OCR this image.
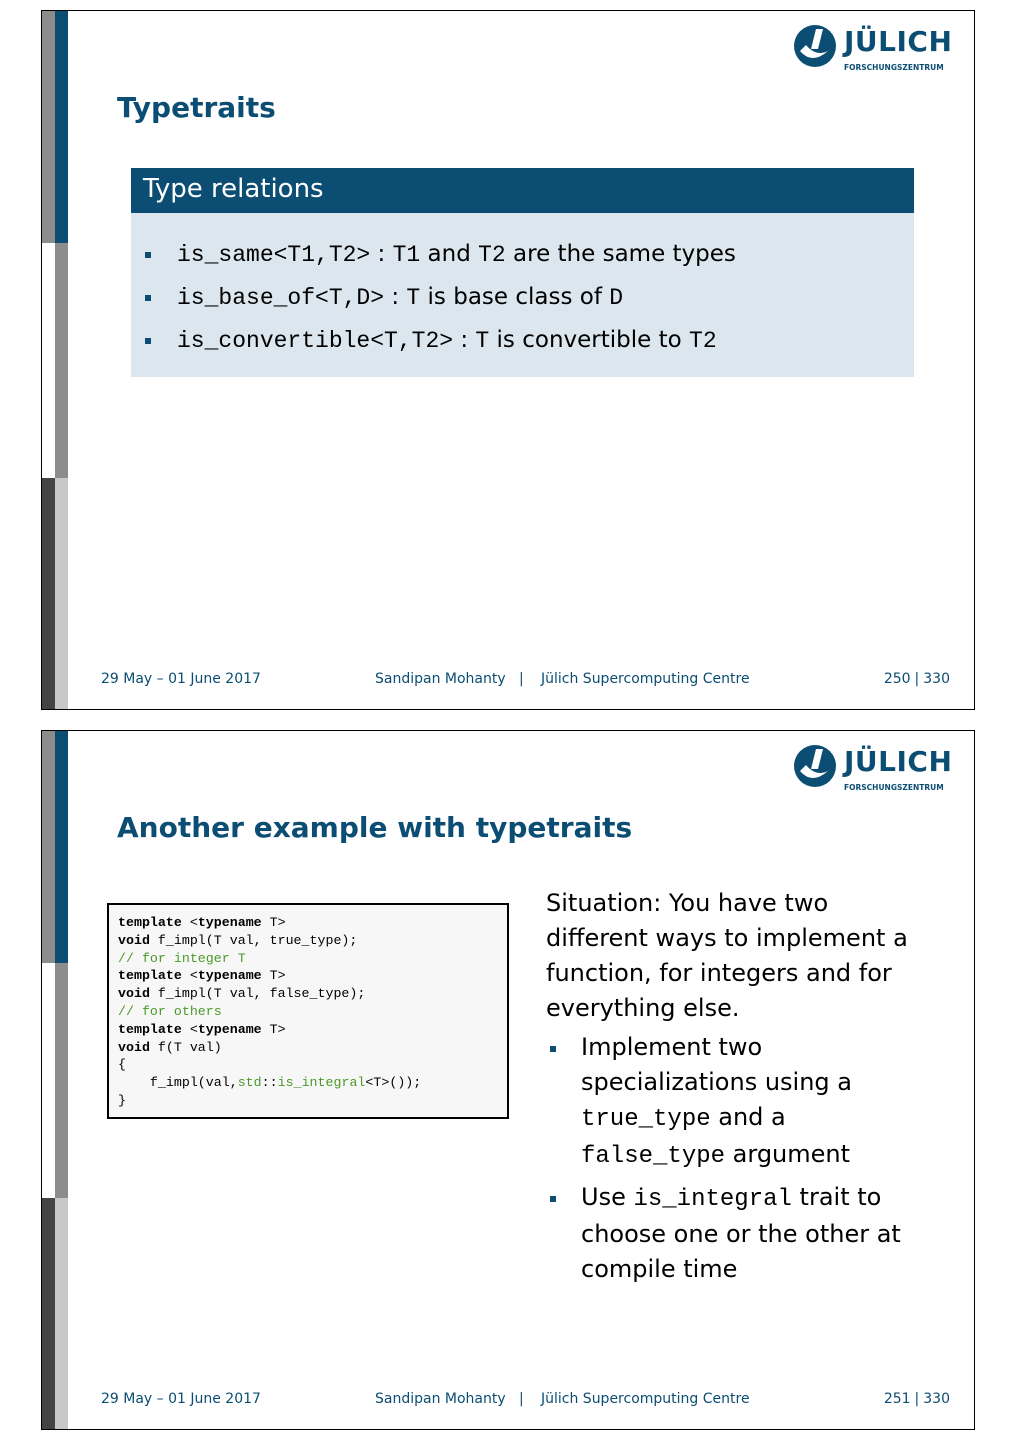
JÜLICH
FORSCHUNGSZENTRUM
Typetraits
Type relations
is_same<T1,T2> : T1 and T2 are the same types
is_base_of<T,D> : T is base class of D
is_convertible<T,T2> : T is convertible to T2
29 May – 01 June 2017	Sandipan Mohanty | Jülich Supercomputing Centre	250 | 330
JÜLICH
FORSCHUNGSZENTRUM
Another example with typetraits
template <typename T>
void f_impl(T val, true_type);
// for integer T
template <typename T>
void f_impl(T val, false_type);
// for others
template <typename T>
void f(T val)
{
f_impl(val,std::is_integral<T>());
}
Situation: You have two different ways to implement a function, for integers and for everything else.
Implement two specializations using a true_type and a false_type argument
Use is_integral trait to choose one or the other at compile time
29 May – 01 June 2017	Sandipan Mohanty | Jülich Supercomputing Centre	251 | 330
